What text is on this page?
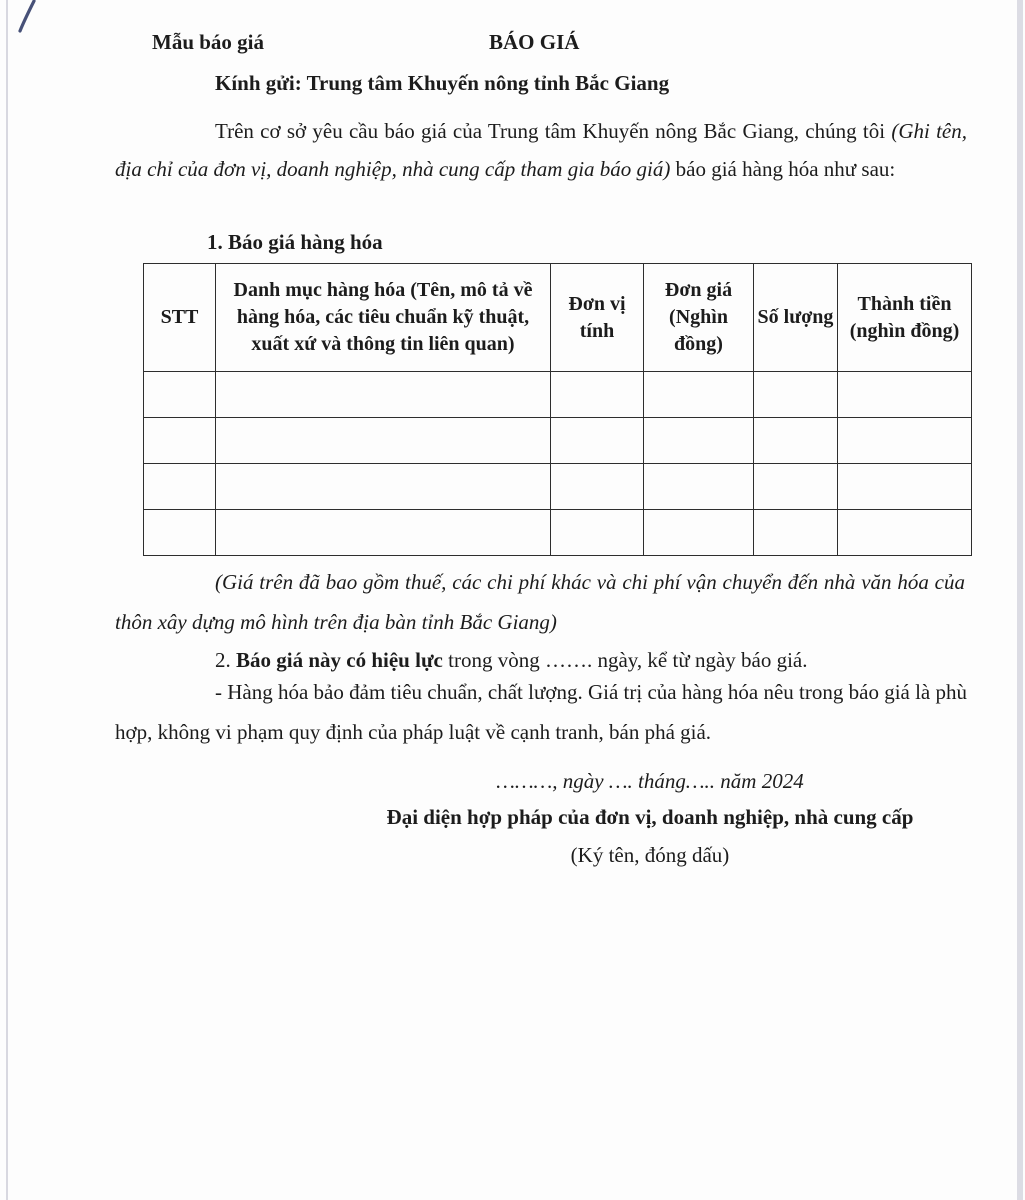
Mẫu báo giá	BÁO GIÁ
Kính gửi: Trung tâm Khuyến nông tỉnh Bắc Giang
Trên cơ sở yêu cầu báo giá của Trung tâm Khuyến nông Bắc Giang, chúng tôi (Ghi tên, địa chỉ của đơn vị, doanh nghiệp, nhà cung cấp tham gia báo giá) báo giá hàng hóa như sau:
1. Báo giá hàng hóa
STT	Danh mục hàng hóa (Tên, mô tả về hàng hóa, các tiêu chuẩn kỹ thuật, xuất xứ và thông tin liên quan)	Đơn vị tính	Đơn giá (Nghìn đồng)	Số lượng	Thành tiền (nghìn đồng)

(Giá trên đã bao gồm thuế, các chi phí khác và chi phí vận chuyển đến nhà văn hóa của thôn xây dựng mô hình trên địa bàn tỉnh Bắc Giang)
2. Báo giá này có hiệu lực trong vòng ……. ngày, kể từ ngày báo giá.
- Hàng hóa bảo đảm tiêu chuẩn, chất lượng. Giá trị của hàng hóa nêu trong báo giá là phù hợp, không vi phạm quy định của pháp luật về cạnh tranh, bán phá giá.
………, ngày …. tháng….. năm 2024
Đại diện hợp pháp của đơn vị, doanh nghiệp, nhà cung cấp
(Ký tên, đóng dấu)
